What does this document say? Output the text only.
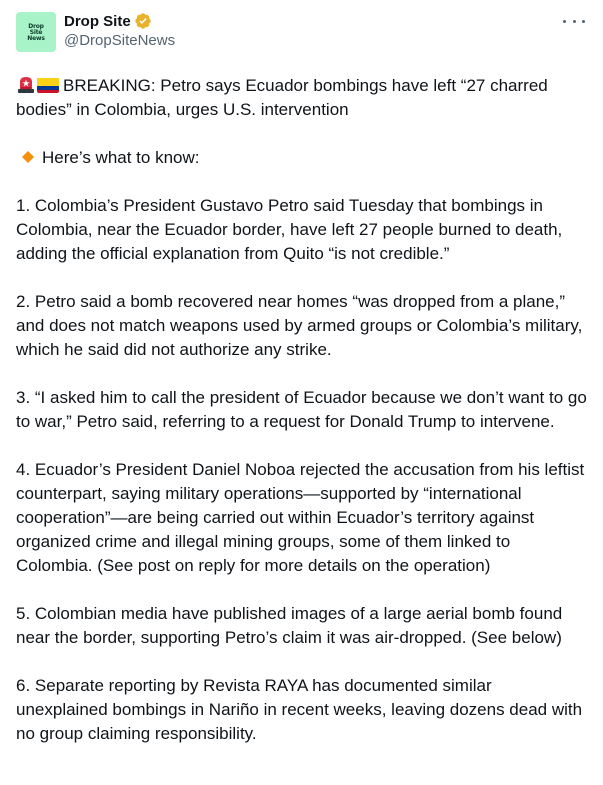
Drop
Site
News
Drop Site
@DropSiteNews

BREAKING: Petro says Ecuador bombings have left “27 charred bodies” in Colombia, urges U.S. intervention

Here’s what to know:

1. Colombia’s President Gustavo Petro said Tuesday that bombings in Colombia, near the Ecuador border, have left 27 people burned to death, adding the official explanation from Quito “is not credible.”

2. Petro said a bomb recovered near homes “was dropped from a plane,” and does not match weapons used by armed groups or Colombia’s military, which he said did not authorize any strike.

3. “I asked him to call the president of Ecuador because we don’t want to go to war,” Petro said, referring to a request for Donald Trump to intervene.

4. Ecuador’s President Daniel Noboa rejected the accusation from his leftist counterpart, saying military operations—supported by “international cooperation”—are being carried out within Ecuador’s territory against organized crime and illegal mining groups, some of them linked to Colombia. (See post on reply for more details on the operation)

5. Colombian media have published images of a large aerial bomb found near the border, supporting Petro’s claim it was air-dropped. (See below)

6. Separate reporting by Revista RAYA has documented similar unexplained bombings in Nariño in recent weeks, leaving dozens dead with no group claiming responsibility.
